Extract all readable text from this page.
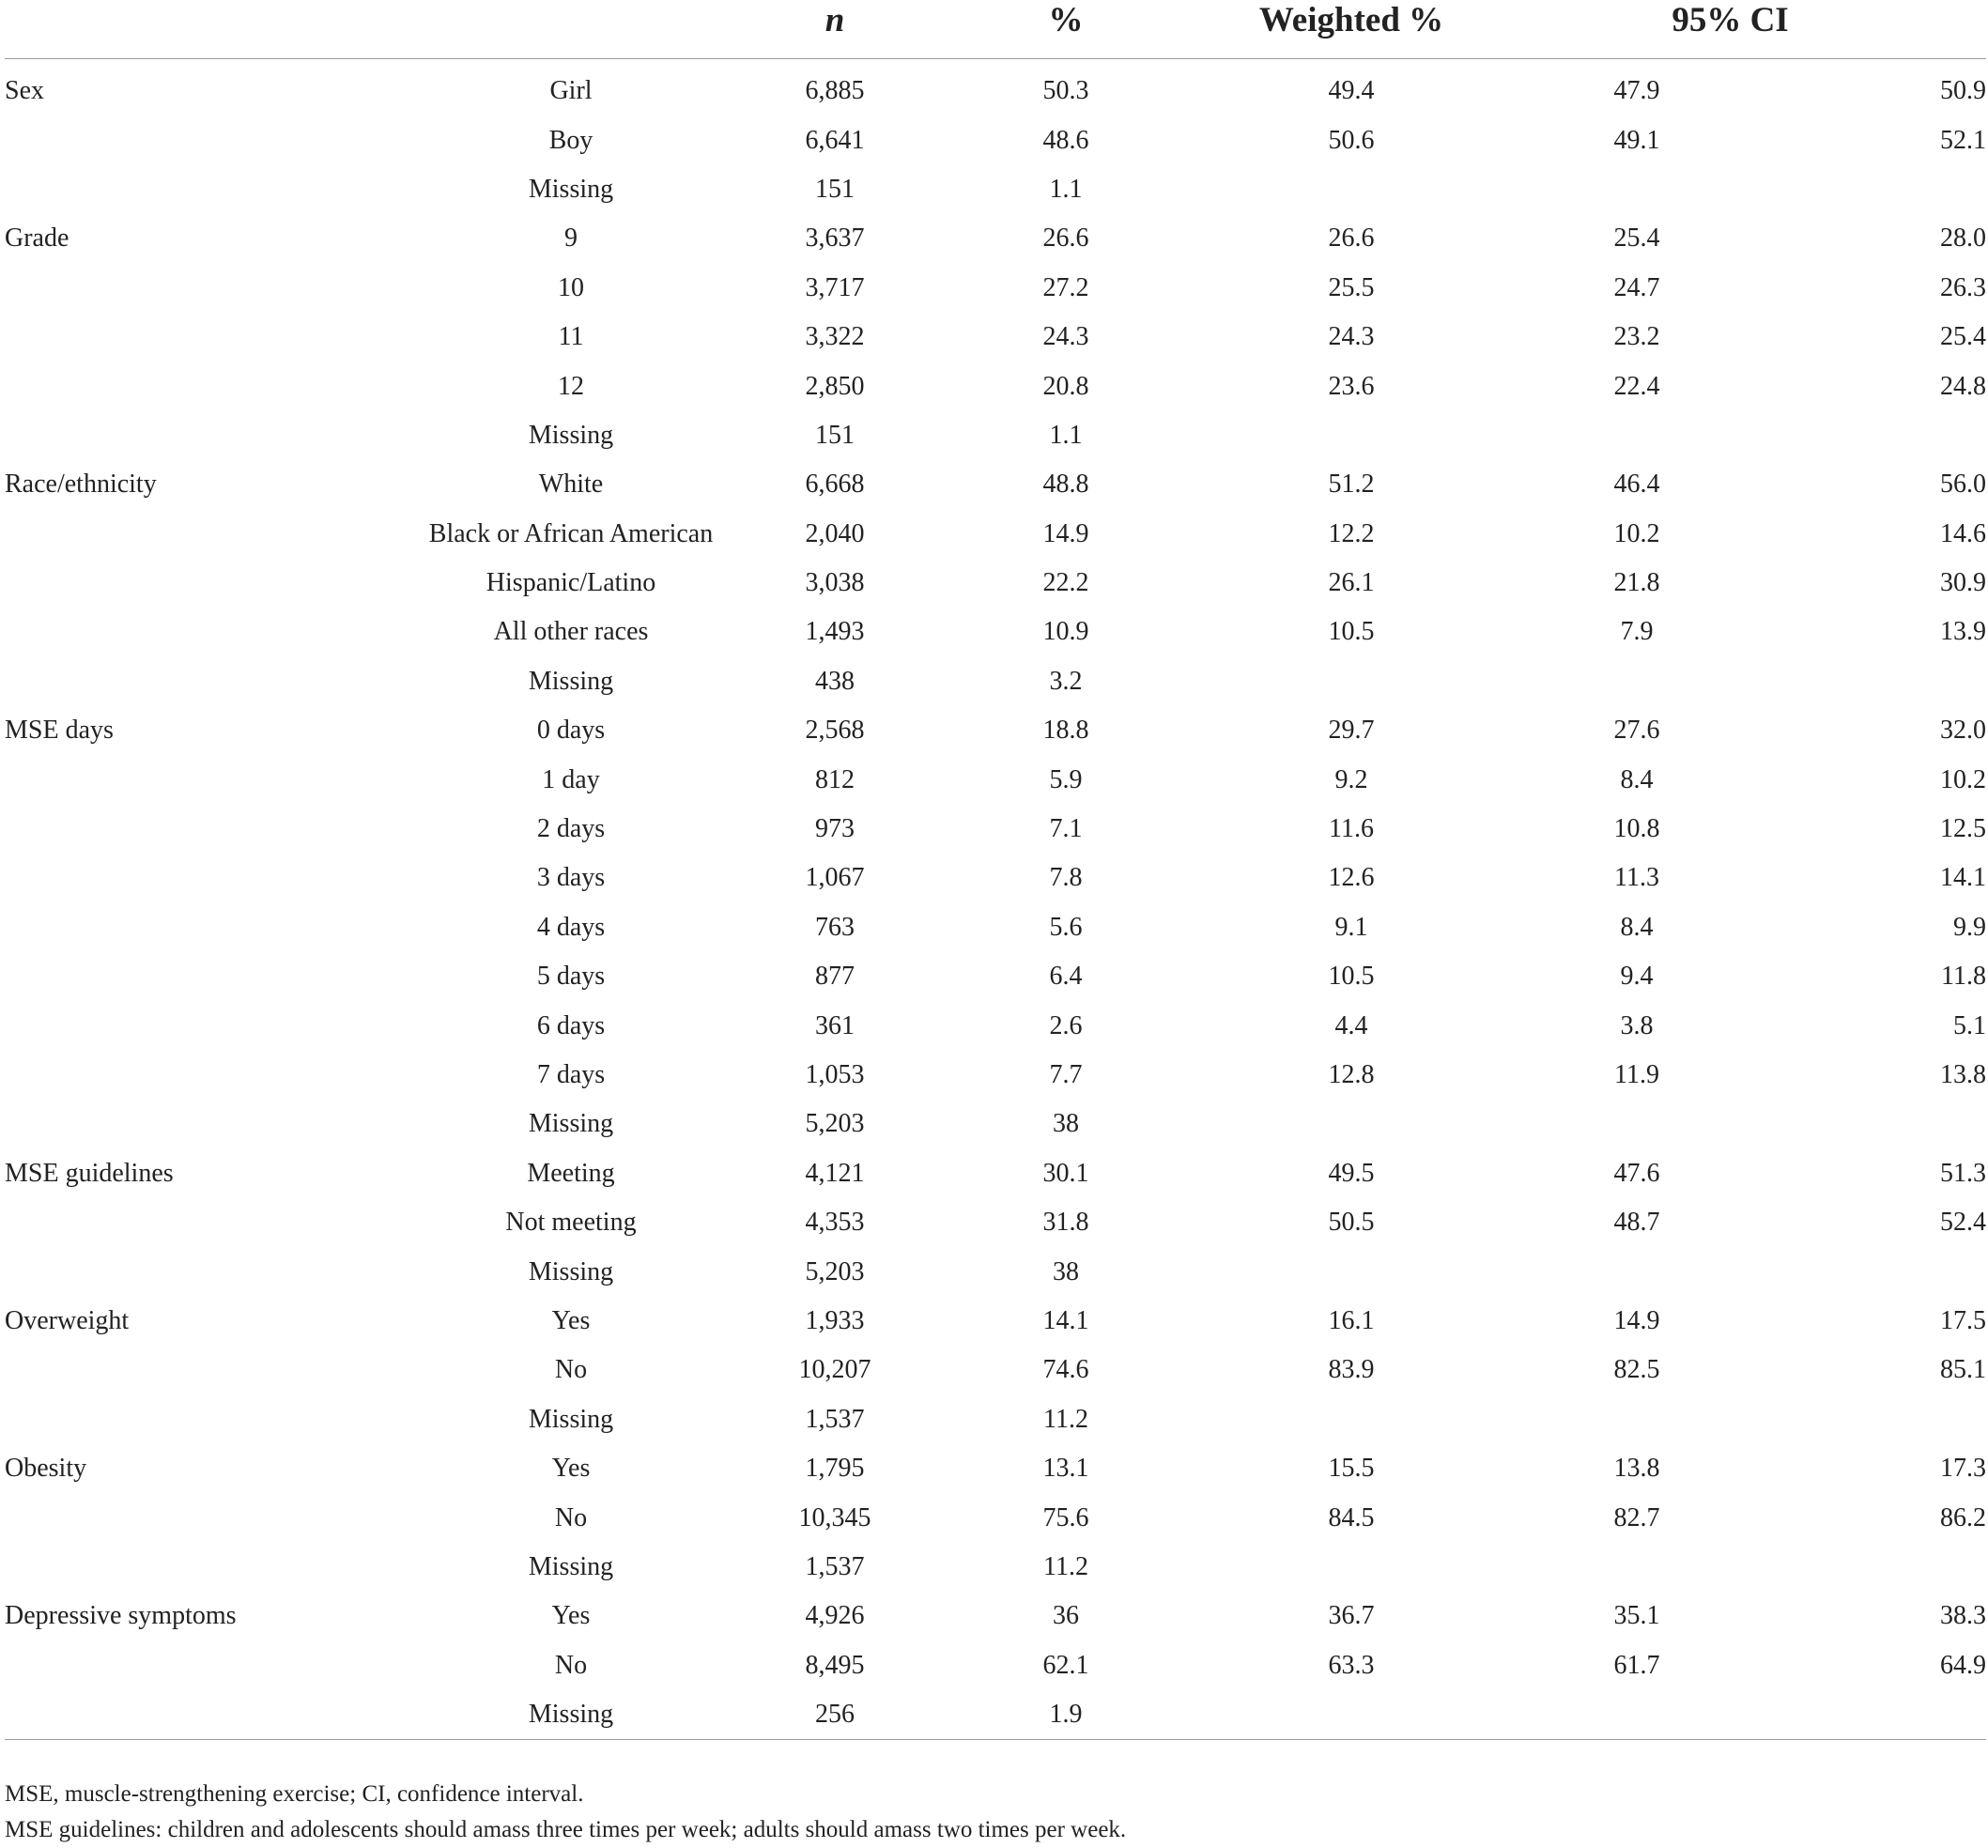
		n	%	Weighted %	95% CI	

Sex	Girl	6,885	50.3	49.4	47.9	50.9
	Boy	6,641	48.6	50.6	49.1	52.1
	Missing	151	1.1			
Grade	9	3,637	26.6	26.6	25.4	28.0
	10	3,717	27.2	25.5	24.7	26.3
	11	3,322	24.3	24.3	23.2	25.4
	12	2,850	20.8	23.6	22.4	24.8
	Missing	151	1.1			
Race/ethnicity	White	6,668	48.8	51.2	46.4	56.0
	Black or African American	2,040	14.9	12.2	10.2	14.6
	Hispanic/Latino	3,038	22.2	26.1	21.8	30.9
	All other races	1,493	10.9	10.5	7.9	13.9
	Missing	438	3.2			
MSE days	0 days	2,568	18.8	29.7	27.6	32.0
	1 day	812	5.9	9.2	8.4	10.2
	2 days	973	7.1	11.6	10.8	12.5
	3 days	1,067	7.8	12.6	11.3	14.1
	4 days	763	5.6	9.1	8.4	9.9
	5 days	877	6.4	10.5	9.4	11.8
	6 days	361	2.6	4.4	3.8	5.1
	7 days	1,053	7.7	12.8	11.9	13.8
	Missing	5,203	38			
MSE guidelines	Meeting	4,121	30.1	49.5	47.6	51.3
	Not meeting	4,353	31.8	50.5	48.7	52.4
	Missing	5,203	38			
Overweight	Yes	1,933	14.1	16.1	14.9	17.5
	No	10,207	74.6	83.9	82.5	85.1
	Missing	1,537	11.2			
Obesity	Yes	1,795	13.1	15.5	13.8	17.3
	No	10,345	75.6	84.5	82.7	86.2
	Missing	1,537	11.2			
Depressive symptoms	Yes	4,926	36	36.7	35.1	38.3
	No	8,495	62.1	63.3	61.7	64.9
	Missing	256	1.9			
MSE, muscle-strengthening exercise; CI, confidence interval.
MSE guidelines: children and adolescents should amass three times per week; adults should amass two times per week.
